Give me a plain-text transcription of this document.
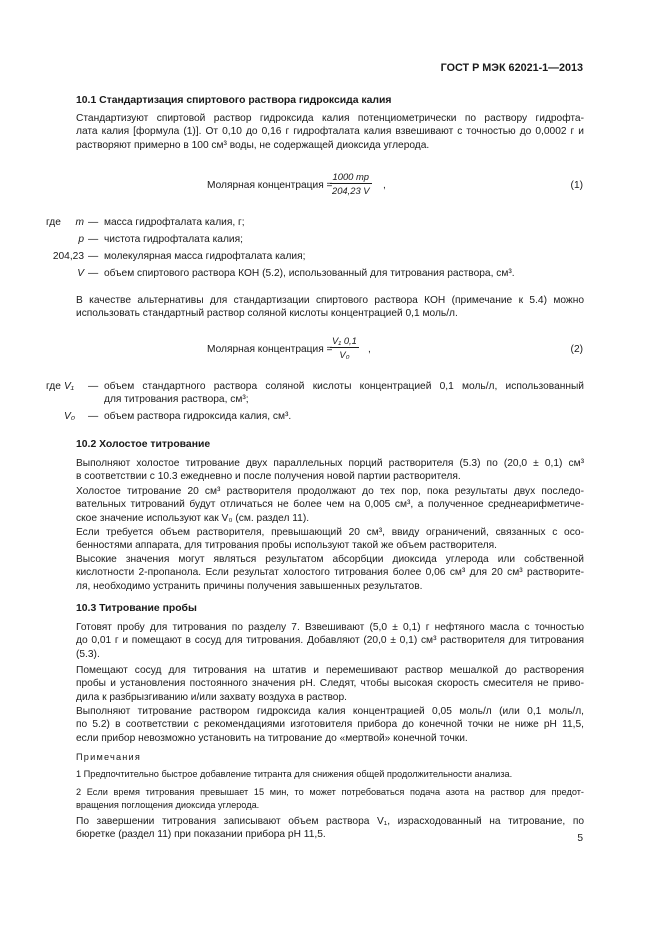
ГОСТ Р МЭК 62021-1—2013
10.1 Стандартизация спиртового раствора гидроксида калия
Стандартизуют спиртовой раствор гидроксида калия потенциометрически по раствору гидрофта-
лата калия [формула (1)]. От 0,10 до 0,16 г гидрофталата калия взвешивают с точностью до 0,0002 г и
растворяют примерно в 100 см³ воды, не содержащей диоксида углерода.
Молярная концентрация =
1000 mp
204,23 V ,	(1)
где	m — масса гидрофталата калия, г;
p — чистота гидрофталата калия;
204,23 — молекулярная масса гидрофталата калия;
V — объем спиртового раствора КОН (5.2), использованный для титрования раствора, см³.
В качестве альтернативы для стандартизации спиртового раствора КОН (примечание к 5.4) можно
использовать стандартный раствор соляной кислоты концентрацией 0,1 моль/л.
Молярная концентрация =
V₁ 0,1
V₀	,	(2)
где V₁	— объем стандартного раствора соляной кислоты концентрацией 0,1 моль/л, использованный
для титрования раствора, см³;
V₀	— объем раствора гидроксида калия, см³.
10.2 Холостое титрование
Выполняют холостое титрование двух параллельных порций растворителя (5.3) по (20,0 ± 0,1) см³
в соответствии с 10.3 ежедневно и после получения новой партии растворителя.
Холостое титрование 20 см³ растворителя продолжают до тех пор, пока результаты двух последо-
вательных титрований будут отличаться не более чем на 0,005 см³, а полученное среднеарифметиче-
ское значение используют как V₀ (см. раздел 11).
Если требуется объем растворителя, превышающий 20 см³, ввиду ограничений, связанных с осо-
бенностями аппарата, для титрования пробы используют такой же объем растворителя.
Высокие значения могут являться результатом абсорбции диоксида углерода или собственной
кислотности 2-пропанола. Если результат холостого титрования более 0,06 см³ для 20 см³ растворите-
ля, необходимо устранить причины получения завышенных результатов.
10.3 Титрование пробы
Готовят пробу для титрования по разделу 7. Взвешивают (5,0 ± 0,1) г нефтяного масла с точностью
до 0,01 г и помещают в сосуд для титрования. Добавляют (20,0 ± 0,1) см³ растворителя для титрования
(5.3).
Помещают сосуд для титрования на штатив и перемешивают раствор мешалкой до растворения
пробы и установления постоянного значения рН. Следят, чтобы высокая скорость смесителя не приво-
дила к разбрызгиванию и/или захвату воздуха в раствор.
Выполняют титрование раствором гидроксида калия концентрацией 0,05 моль/л (или 0,1 моль/л,
по 5.2) в соответствии с рекомендациями изготовителя прибора до конечной точки не ниже рН 11,5,
если прибор невозможно установить на титрование до «мертвой» конечной точки.
Примечания
1 Предпочтительно быстрое добавление титранта для снижения общей продолжительности анализа.
2 Если время титрования превышает 15 мин, то может потребоваться подача азота на раствор для предот-
вращения поглощения диоксида углерода.
По завершении титрования записывают объем раствора V₁, израсходованный на титрование, по
бюретке (раздел 11) при показании прибора рН 11,5.	5
